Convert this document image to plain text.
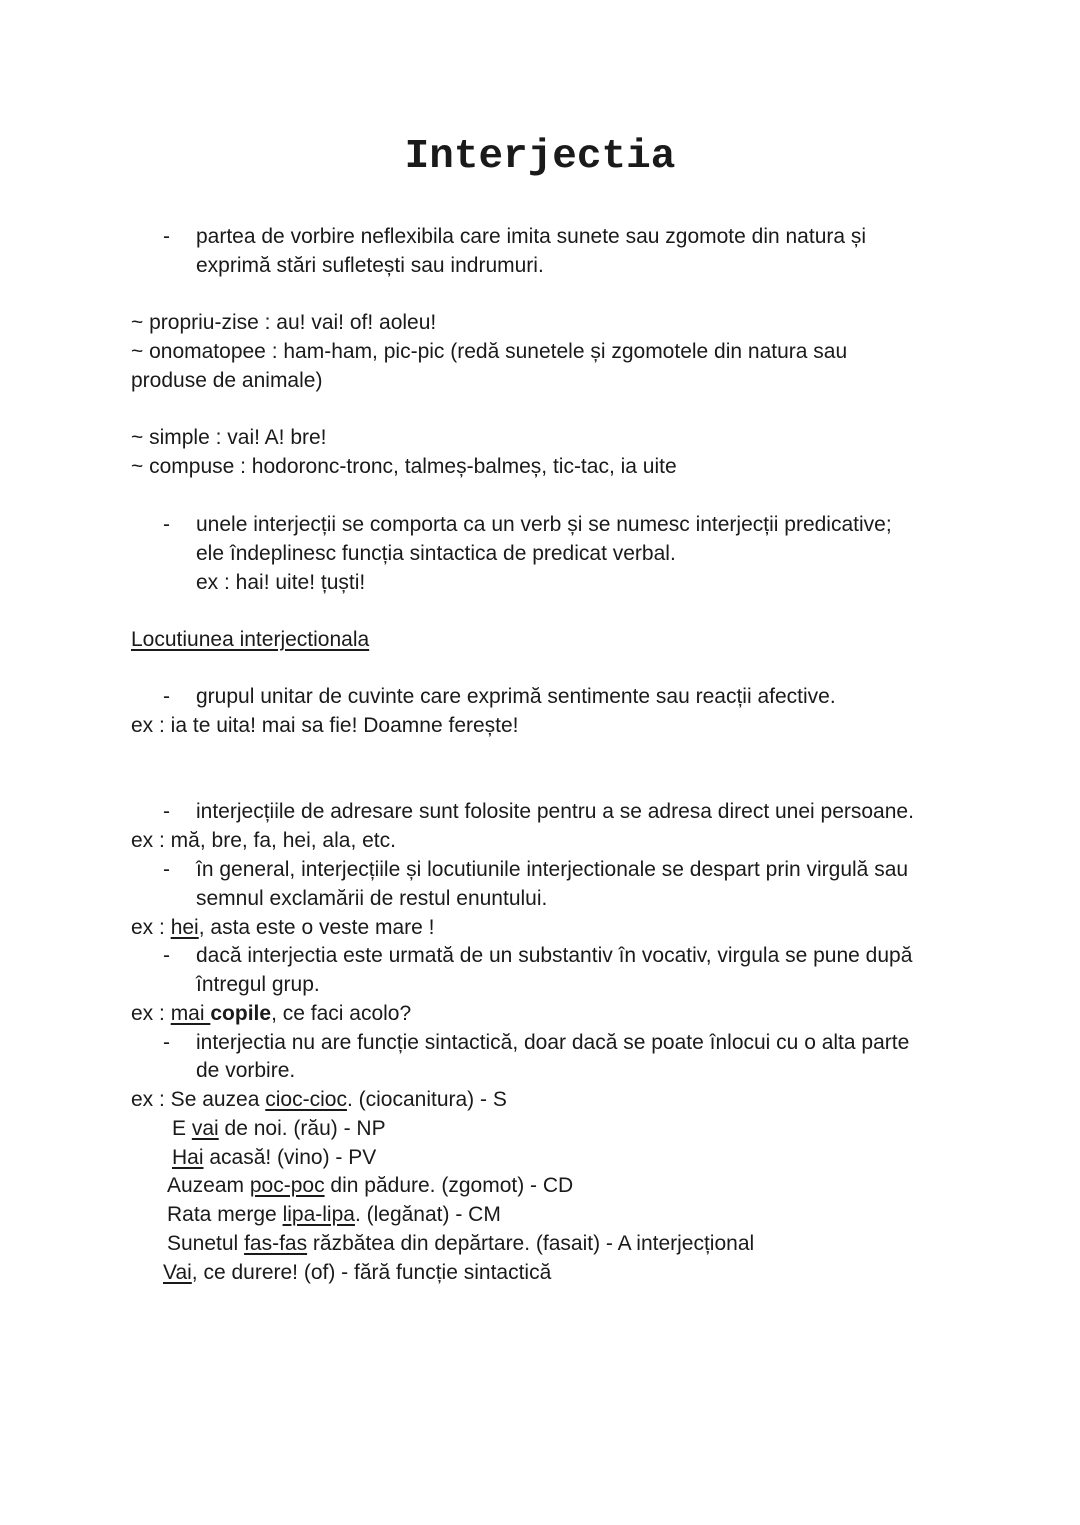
Interjectia
- partea de vorbire neflexibila care imita sunete sau zgomote din natura și
exprimă stări sufletești sau indrumuri.
~ propriu-zise : au! vai! of! aoleu!
~ onomatopee : ham-ham, pic-pic (redă sunetele și zgomotele din natura sau
produse de animale)
~ simple : vai! A! bre!
~ compuse : hodoronc-tronc, talmeș-balmeș, tic-tac, ia uite
- unele interjecții se comporta ca un verb și se numesc interjecții predicative;
ele îndeplinesc funcția sintactica de predicat verbal.
ex : hai! uite! țuști!
Locutiunea interjectionala
- grupul unitar de cuvinte care exprimă sentimente sau reacții afective.
ex : ia te uita! mai sa fie! Doamne ferește!
- interjecțiile de adresare sunt folosite pentru a se adresa direct unei persoane.
ex : mă, bre, fa, hei, ala, etc.
- în general, interjecțiile și locutiunile interjectionale se despart prin virgulă sau
semnul exclamării de restul enuntului.
ex : hei, asta este o veste mare !
- dacă interjectia este urmată de un substantiv în vocativ, virgula se pune după
întregul grup.
ex : mai copile, ce faci acolo?
- interjectia nu are funcție sintactică, doar dacă se poate înlocui cu o alta parte
de vorbire.
ex : Se auzea cioc-cioc. (ciocanitura) - S
E vai de noi. (rău) - NP
Hai acasă! (vino) - PV
Auzeam poc-poc din pădure. (zgomot) - CD
Rata merge lipa-lipa. (legănat) - CM
Sunetul fas-fas răzbătea din depărtare. (fasait) - A interjecțional
Vai, ce durere! (of) - fără funcție sintactică
